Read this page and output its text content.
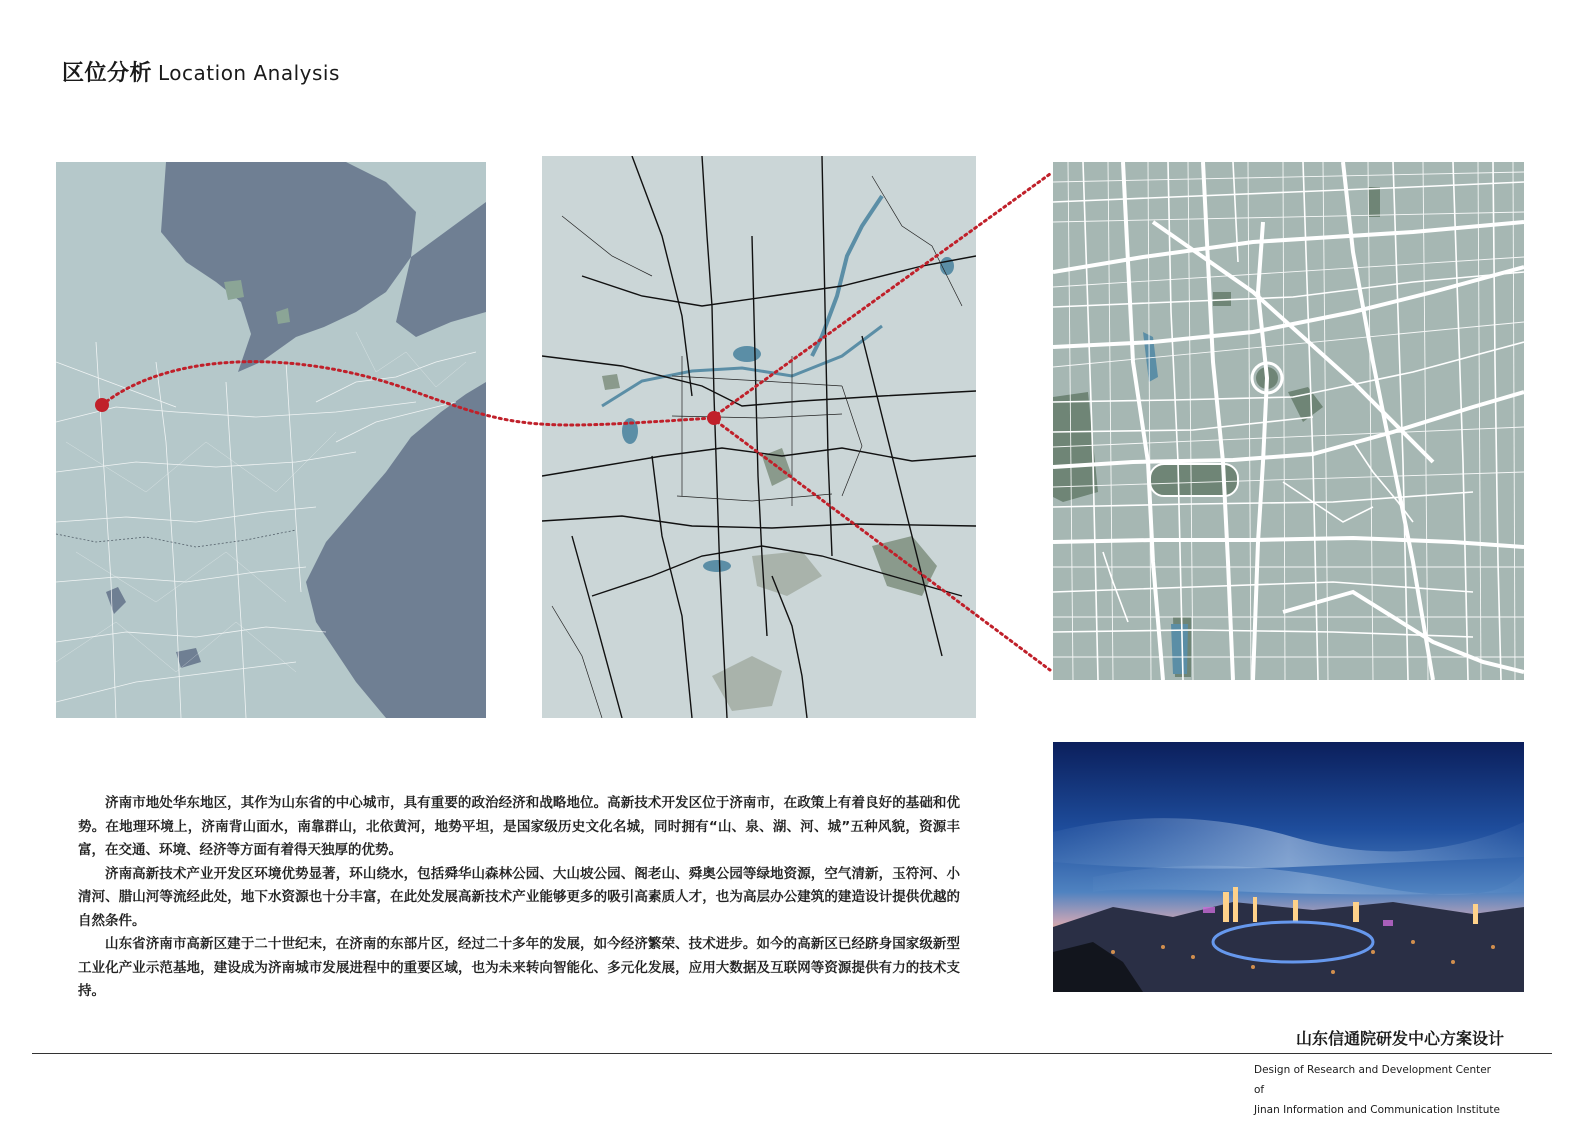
区位分析 Location Analysis

济南市地处华东地区，其作为山东省的中心城市，具有重要的政治经济和战略地位。高新技术开发区位于济南市，在政策上有着良好的基础和优势。在地理环境上，济南背山面水，南靠群山，北依黄河，地势平坦，是国家级历史文化名城，同时拥有“山、泉、湖、河、城”五种风貌，资源丰富，在交通、环境、经济等方面有着得天独厚的优势。

济南高新技术产业开发区环境优势显著，环山绕水，包括舜华山森林公园、大山坡公园、阁老山、舜奥公园等绿地资源，空气清新，玉符河、小清河、腊山河等流经此处，地下水资源也十分丰富，在此处发展高新技术产业能够更多的吸引高素质人才，也为高层办公建筑的建造设计提供优越的自然条件。

山东省济南市高新区建于二十世纪末，在济南的东部片区，经过二十多年的发展，如今经济繁荣、技术进步。如今的高新区已经跻身国家级新型工业化产业示范基地，建设成为济南城市发展进程中的重要区域，也为未来转向智能化、多元化发展，应用大数据及互联网等资源提供有力的技术支持。

山东信通院研发中心方案设计
Design of Research and Development Center of
Jinan Information and Communication Institute
